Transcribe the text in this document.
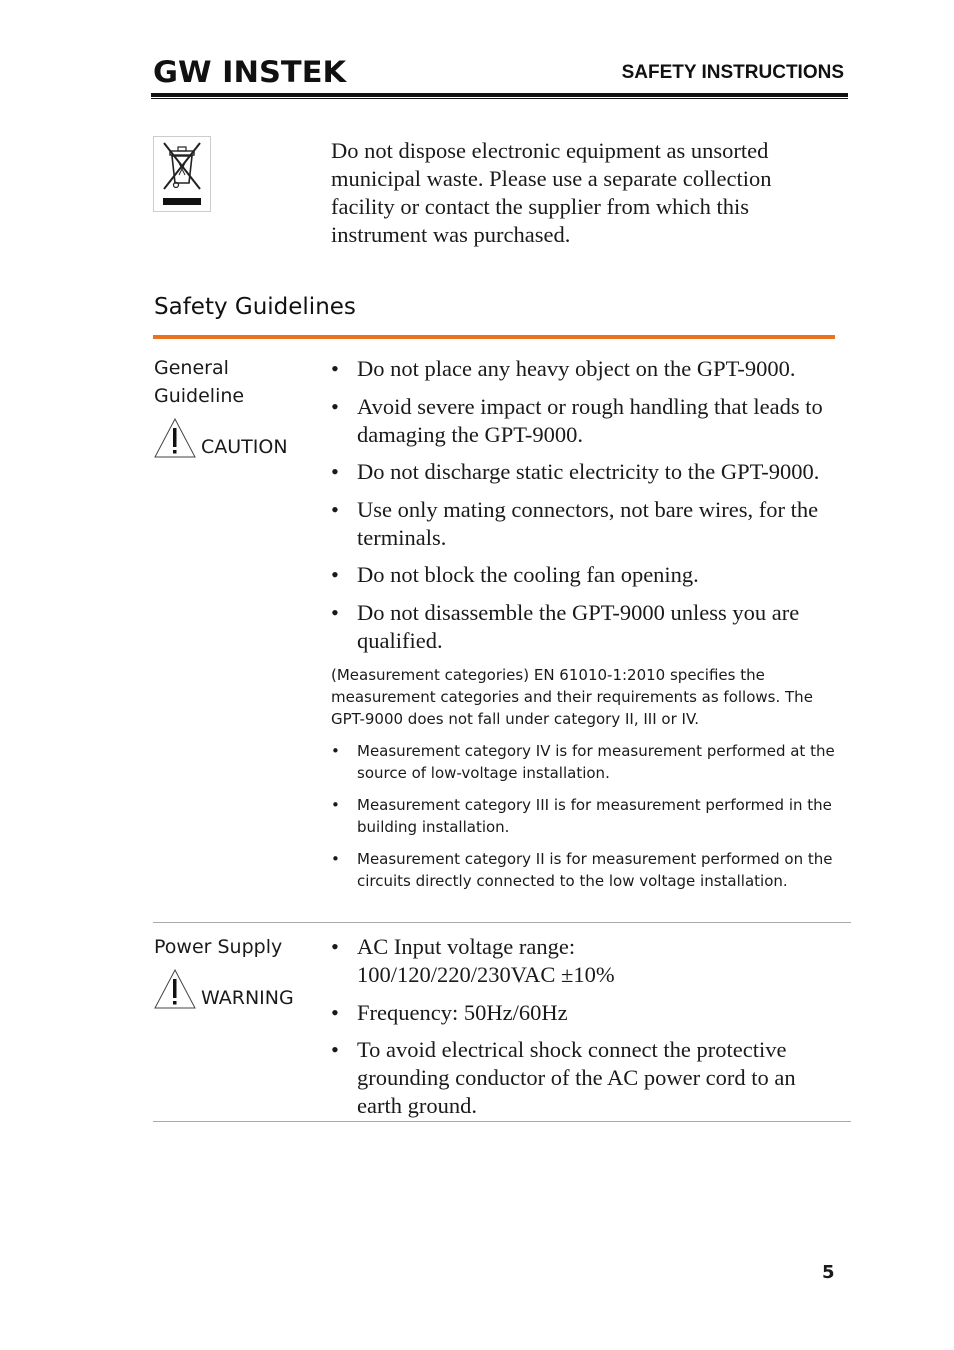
GW INSTEK	SAFETY INSTRUCTIONS
Do not dispose electronic equipment as unsorted municipal waste. Please use a separate collection facility or contact the supplier from which this instrument was purchased.
Safety Guidelines
General
Guideline
CAUTION
• Do not place any heavy object on the GPT-9000.
• Avoid severe impact or rough handling that leads to damaging the GPT-9000.
• Do not discharge static electricity to the GPT-9000.
• Use only mating connectors, not bare wires, for the terminals.
• Do not block the cooling fan opening.
• Do not disassemble the GPT-9000 unless you are qualified.
(Measurement categories) EN 61010-1:2010 specifies the measurement categories and their requirements as follows. The GPT-9000 does not fall under category II, III or IV.
• Measurement category IV is for measurement performed at the source of low-voltage installation.
• Measurement category III is for measurement performed in the building installation.
• Measurement category II is for measurement performed on the circuits directly connected to the low voltage installation.
Power Supply
WARNING
• AC Input voltage range: 100/120/220/230VAC ±10%
• Frequency: 50Hz/60Hz
• To avoid electrical shock connect the protective grounding conductor of the AC power cord to an earth ground.
5
